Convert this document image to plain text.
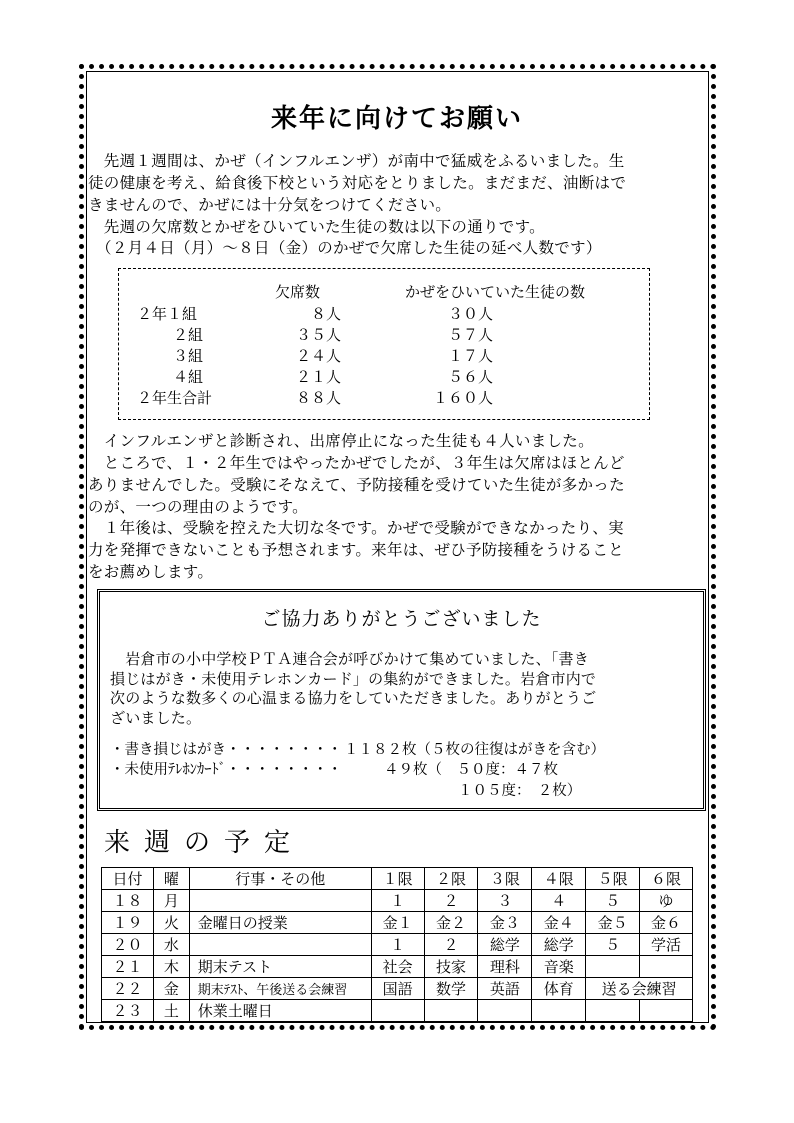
来年に向けてお願い
　先週１週間は、かぜ（インフルエンザ）が南中で猛威をふるいました。生
徒の健康を考え、給食後下校という対応をとりました。まだまだ、油断はで
きませんので、かぜには十分気をつけてください。
　先週の欠席数とかぜをひいていた生徒の数は以下の通りです。
　（２月４日（月）～８日（金）のかぜで欠席した生徒の延べ人数です）
欠席数	かぜをひいていた生徒の数
２年１組	８人	３０人
２組	３５人	５７人
３組	２４人	１７人
４組	２１人	５６人
２年生合計	８８人	１６０人
　インフルエンザと診断され、出席停止になった生徒も４人いました。
　ところで、１・２年生ではやったかぜでしたが、３年生は欠席はほとんど
ありませんでした。受験にそなえて、予防接種を受けていた生徒が多かった
のが、一つの理由のようです。
　１年後は、受験を控えた大切な冬です。かぜで受験ができなかったり、実
力を発揮できないことも予想されます。来年は、ぜひ予防接種をうけること
をお薦めします。
ご協力ありがとうございました
　岩倉市の小中学校ＰＴＡ連合会が呼びかけて集めていました、「書き
損じはがき・未使用テレホンカード」の集約ができました。岩倉市内で
次のような数多くの心温まる協力をしていただきました。ありがとうご
ざいました。
・書き損じはがき・・・・・・・・ １１８２枚（５枚の往復はがきを含む）
・未使用ﾃﾚﾎﾝｶｰﾄﾞ・・・・・・・・	４９枚（　５０度：４７枚
１０５度：　２枚）
来週の予定
日付	曜	行事・その他	１限	２限	３限	４限	５限	６限
１８	月		１	２	３	４	５	ゆ
１９	火	金曜日の授業	金１	金２	金３	金４	金５	金６
２０	水		１	２	総学	総学	５	学活
２１	木	期末テスト	社会	技家	理科	音楽		
２２	金	期末ﾃｽﾄ、午後送る会練習	国語	数学	英語	体育	送る会練習	
２３	土	休業土曜日						
